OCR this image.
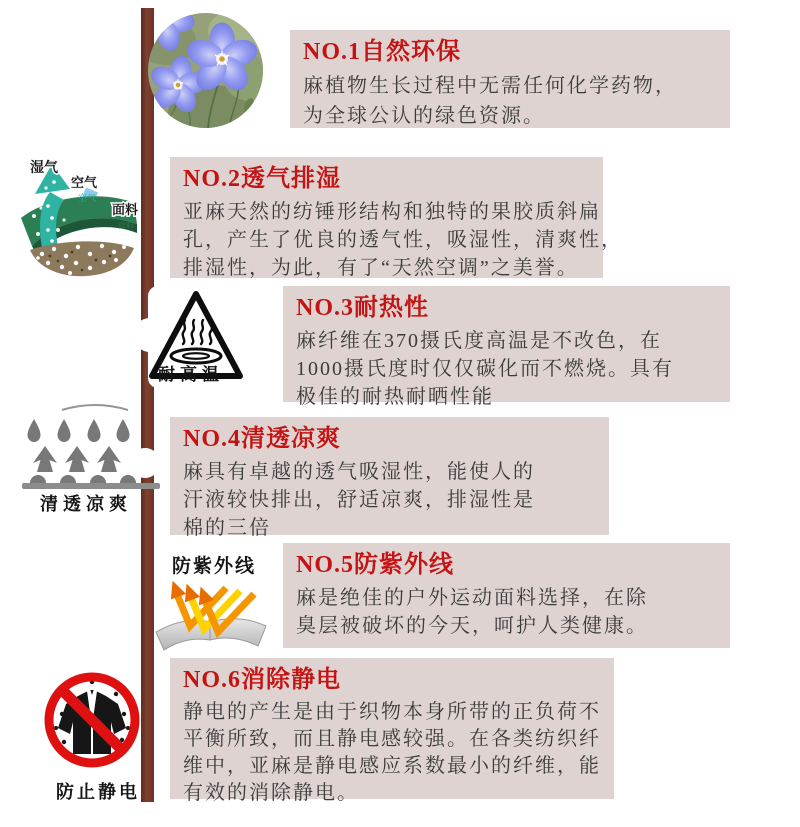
湿气
空气
空气
面料
面料
耐高温
清透凉爽
防紫外线
防止静电
NO.1自然环保
麻植物生长过程中无需任何化学药物，
为全球公认的绿色资源。
NO.2透气排湿
亚麻天然的纺锤形结构和独特的果胶质斜扁
孔，产生了优良的透气性，吸湿性，清爽性，
排湿性，为此，有了“天然空调”之美誉。
NO.3耐热性
麻纤维在370摄氏度高温是不改色，在
1000摄氏度时仅仅碳化而不燃烧。具有
极佳的耐热耐晒性能
NO.4清透凉爽
麻具有卓越的透气吸湿性，能使人的
汗液较快排出，舒适凉爽，排湿性是
棉的三倍
NO.5防紫外线
麻是绝佳的户外运动面料选择，在除
臭层被破坏的今天，呵护人类健康。
NO.6消除静电
静电的产生是由于织物本身所带的正负荷不
平衡所致，而且静电感较强。在各类纺织纤
维中，亚麻是静电感应系数最小的纤维，能
有效的消除静电。
